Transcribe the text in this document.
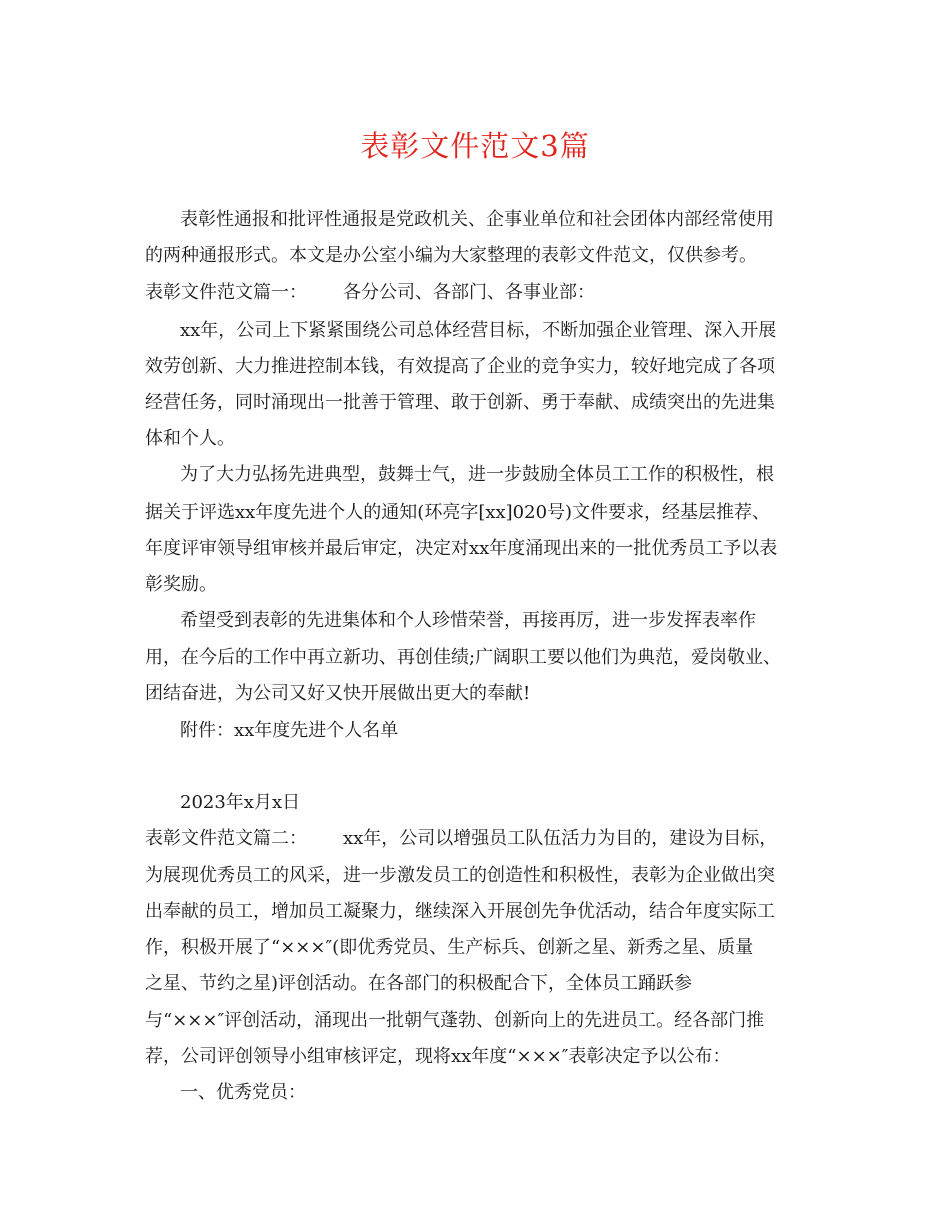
表彰文件范文3篇
表彰性通报和批评性通报是党政机关、企事业单位和社会团体内部经常使用
的两种通报形式。本文是办公室小编为大家整理的表彰文件范文，仅供参考。
表彰文件范文篇一： 各分公司、各部门、各事业部：
xx年，公司上下紧紧围绕公司总体经营目标，不断加强企业管理、深入开展
效劳创新、大力推进控制本钱，有效提高了企业的竞争实力，较好地完成了各项
经营任务，同时涌现出一批善于管理、敢于创新、勇于奉献、成绩突出的先进集
体和个人。
为了大力弘扬先进典型，鼓舞士气，进一步鼓励全体员工工作的积极性，根
据关于评选xx年度先进个人的通知(环亮字[xx]020号)文件要求，经基层推荐、
年度评审领导组审核并最后审定，决定对xx年度涌现出来的一批优秀员工予以表
彰奖励。
希望受到表彰的先进集体和个人珍惜荣誉，再接再厉，进一步发挥表率作
用，在今后的工作中再立新功、再创佳绩;广阔职工要以他们为典范，爱岗敬业、
团结奋进，为公司又好又快开展做出更大的奉献!
附件：xx年度先进个人名单
2023年x月x日
表彰文件范文篇二： xx年，公司以增强员工队伍活力为目的，建设为目标，
为展现优秀员工的风采，进一步激发员工的创造性和积极性，表彰为企业做出突
出奉献的员工，增加员工凝聚力，继续深入开展创先争优活动，结合年度实际工
作，积极开展了“×××″(即优秀党员、生产标兵、创新之星、新秀之星、质量
之星、节约之星)评创活动。在各部门的积极配合下，全体员工踊跃参
与“×××″评创活动，涌现出一批朝气蓬勃、创新向上的先进员工。经各部门推
荐，公司评创领导小组审核评定，现将xx年度“×××″表彰决定予以公布：
一、优秀党员：
